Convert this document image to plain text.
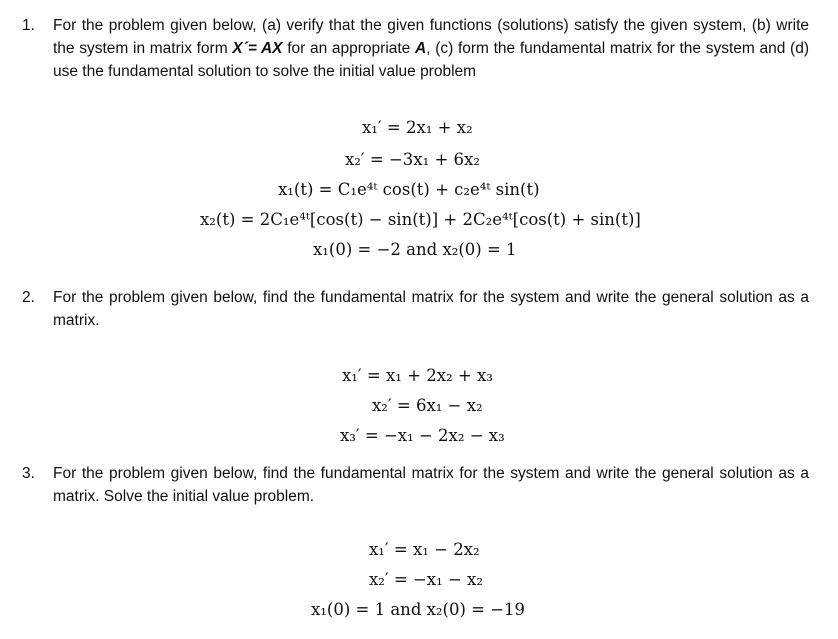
1. For the problem given below, (a) verify that the given functions (solutions) satisfy the given system, (b) write the system in matrix form X´= AX for an appropriate A, (c) form the fundamental matrix for the system and (d) use the fundamental solution to solve the initial value problem
x₁′ = 2x₁ + x₂
x₂′ = −3x₁ + 6x₂
x₁(t) = C₁e⁴ᵗ cos(t) + c₂e⁴ᵗ sin(t)
x₂(t) = 2C₁e⁴ᵗ[cos(t) − sin(t)] + 2C₂e⁴ᵗ[cos(t) + sin(t)]
x₁(0) = −2 and x₂(0) = 1
2. For the problem given below, find the fundamental matrix for the system and write the general solution as a matrix.
x₁′ = x₁ + 2x₂ + x₃
x₂′ = 6x₁ − x₂
x₃′ = −x₁ − 2x₂ − x₃
3. For the problem given below, find the fundamental matrix for the system and write the general solution as a matrix. Solve the initial value problem.
x₁′ = x₁ − 2x₂
x₂′ = −x₁ − x₂
x₁(0) = 1 and x₂(0) = −19
